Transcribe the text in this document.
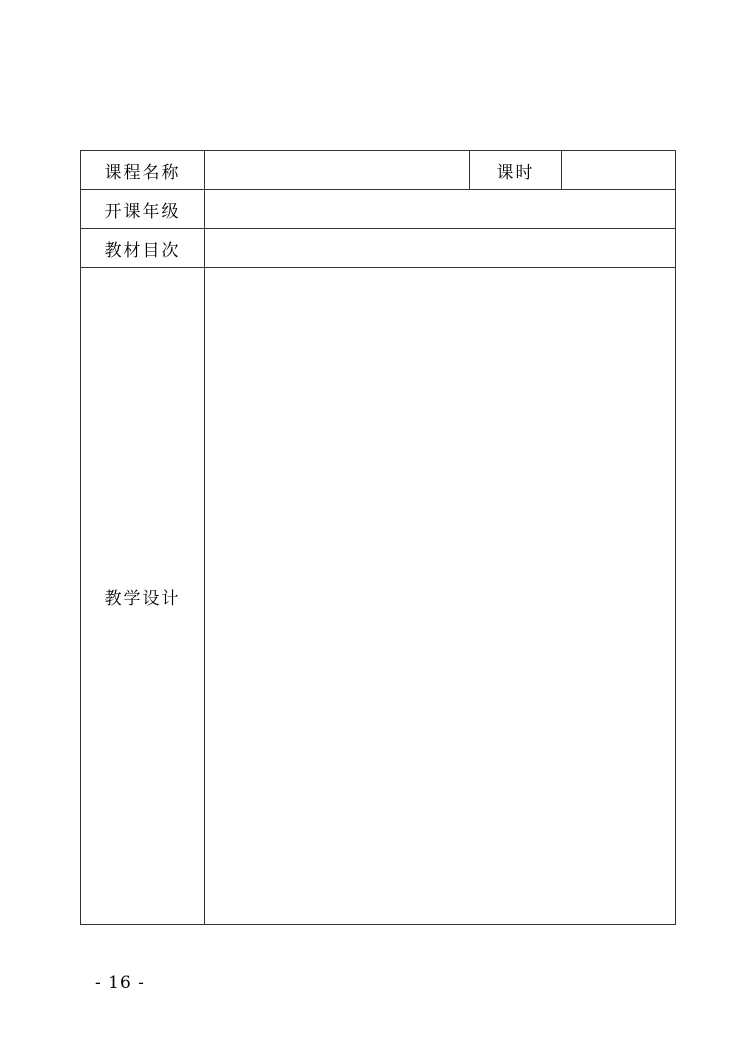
课程名称		课时	
开课年级			
教材目次			
教学设计			
- 16 -
